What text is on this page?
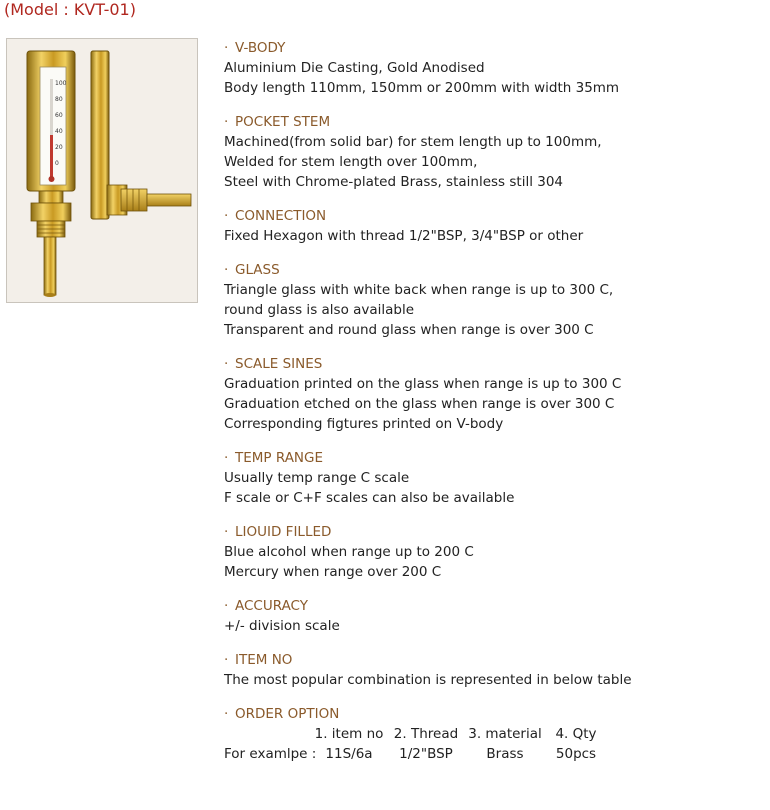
(Model : KVT-01)
100
80
60
40
20
0
· V-BODY
Aluminium Die Casting, Gold Anodised
Body length 110mm, 150mm or 200mm with width 35mm
· POCKET STEM
Machined(from solid bar) for stem length up to 100mm,
Welded for stem length over 100mm,
Steel with Chrome-plated Brass, stainless still 304
· CONNECTION
Fixed Hexagon with thread 1/2"BSP, 3/4"BSP or other
· GLASS
Triangle glass with white back when range is up to 300 C,
round glass is also available
Transparent and round glass when range is over 300 C
· SCALE SINES
Graduation printed on the glass when range is up to 300 C
Graduation etched on the glass when range is over 300 C
Corresponding figtures printed on V-body
· TEMP RANGE
Usually temp range C scale
F scale or C+F scales can also be available
· LIOUID FILLED
Blue alcohol when range up to 200 C
Mercury when range over 200 C
· ACCURACY
+/- division scale
· ITEM NO
The most popular combination is represented in below table
· ORDER OPTION
1. item no 2. Thread 3. material	4. Qty
For examlpe : 11S/6a	1/2"BSP	Brass	50pcs
